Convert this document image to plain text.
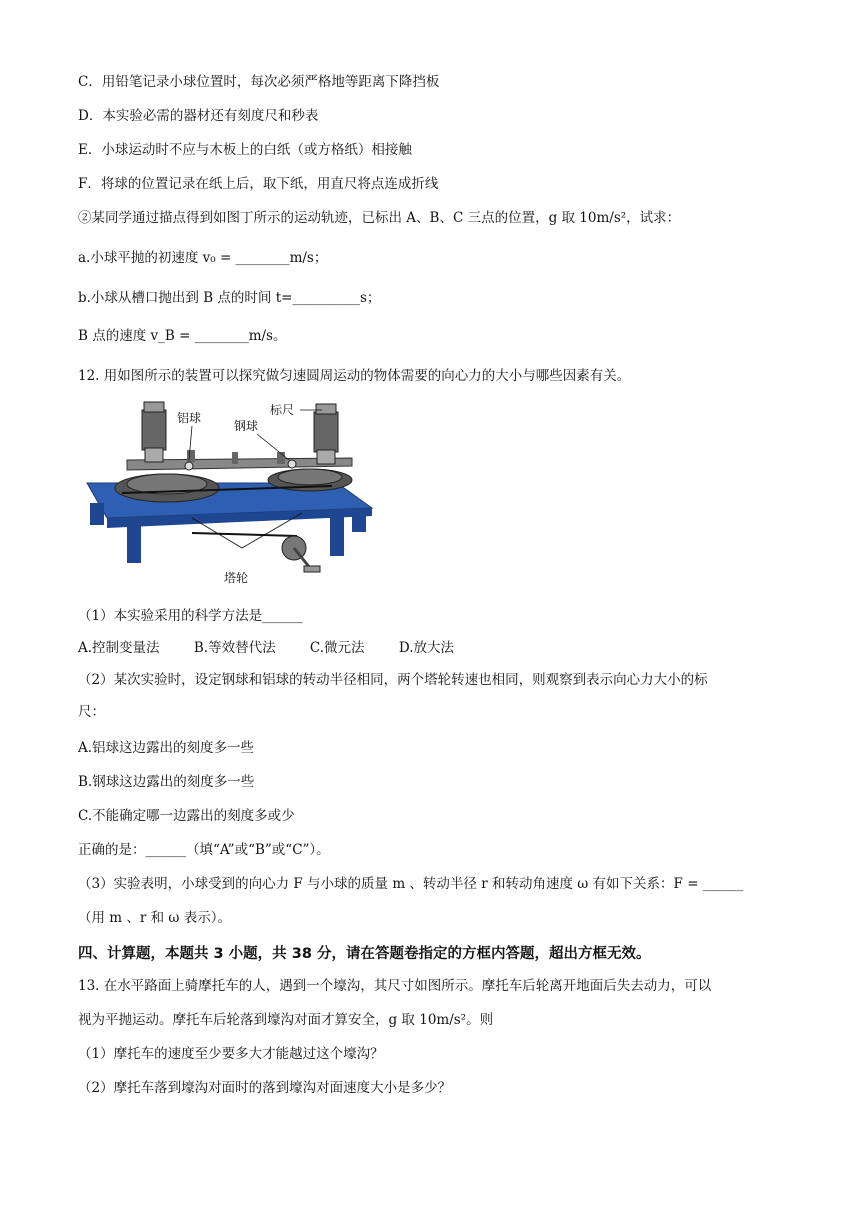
C．用铅笔记录小球位置时，每次必须严格地等距离下降挡板
D．本实验必需的器材还有刻度尺和秒表
E．小球运动时不应与木板上的白纸（或方格纸）相接触
F．将球的位置记录在纸上后，取下纸，用直尺将点连成折线
②某同学通过描点得到如图丁所示的运动轨迹，已标出 A、B、C 三点的位置，g 取 10m/s²，试求：
a.小球平抛的初速度 v₀ = ________m/s；
b.小球从槽口抛出到 B 点的时间 t=__________s；
B 点的速度 v_B = ________m/s。
12. 用如图所示的装置可以探究做匀速圆周运动的物体需要的向心力的大小与哪些因素有关。
铝球
钢球
标尺
塔轮
（1）本实验采用的科学方法是______
A.控制变量法        B.等效替代法        C.微元法        D.放大法
（2）某次实验时，设定钢球和铝球的转动半径相同，两个塔轮转速也相同，则观察到表示向心力大小的标
尺：
A.铝球这边露出的刻度多一些
B.钢球这边露出的刻度多一些
C.不能确定哪一边露出的刻度多或少
正确的是：______（填“A”或“B”或“C”）。
（3）实验表明，小球受到的向心力 F 与小球的质量 m 、转动半径 r 和转动角速度 ω 有如下关系：F = ______
（用 m 、r 和 ω 表示）。
四、计算题，本题共 3 小题，共 38 分，请在答题卷指定的方框内答题，超出方框无效。
13. 在水平路面上骑摩托车的人，遇到一个壕沟，其尺寸如图所示。摩托车后轮离开地面后失去动力，可以
视为平抛运动。摩托车后轮落到壕沟对面才算安全，g 取 10m/s²。则
（1）摩托车的速度至少要多大才能越过这个壕沟？
（2）摩托车落到壕沟对面时的落到壕沟对面速度大小是多少？
